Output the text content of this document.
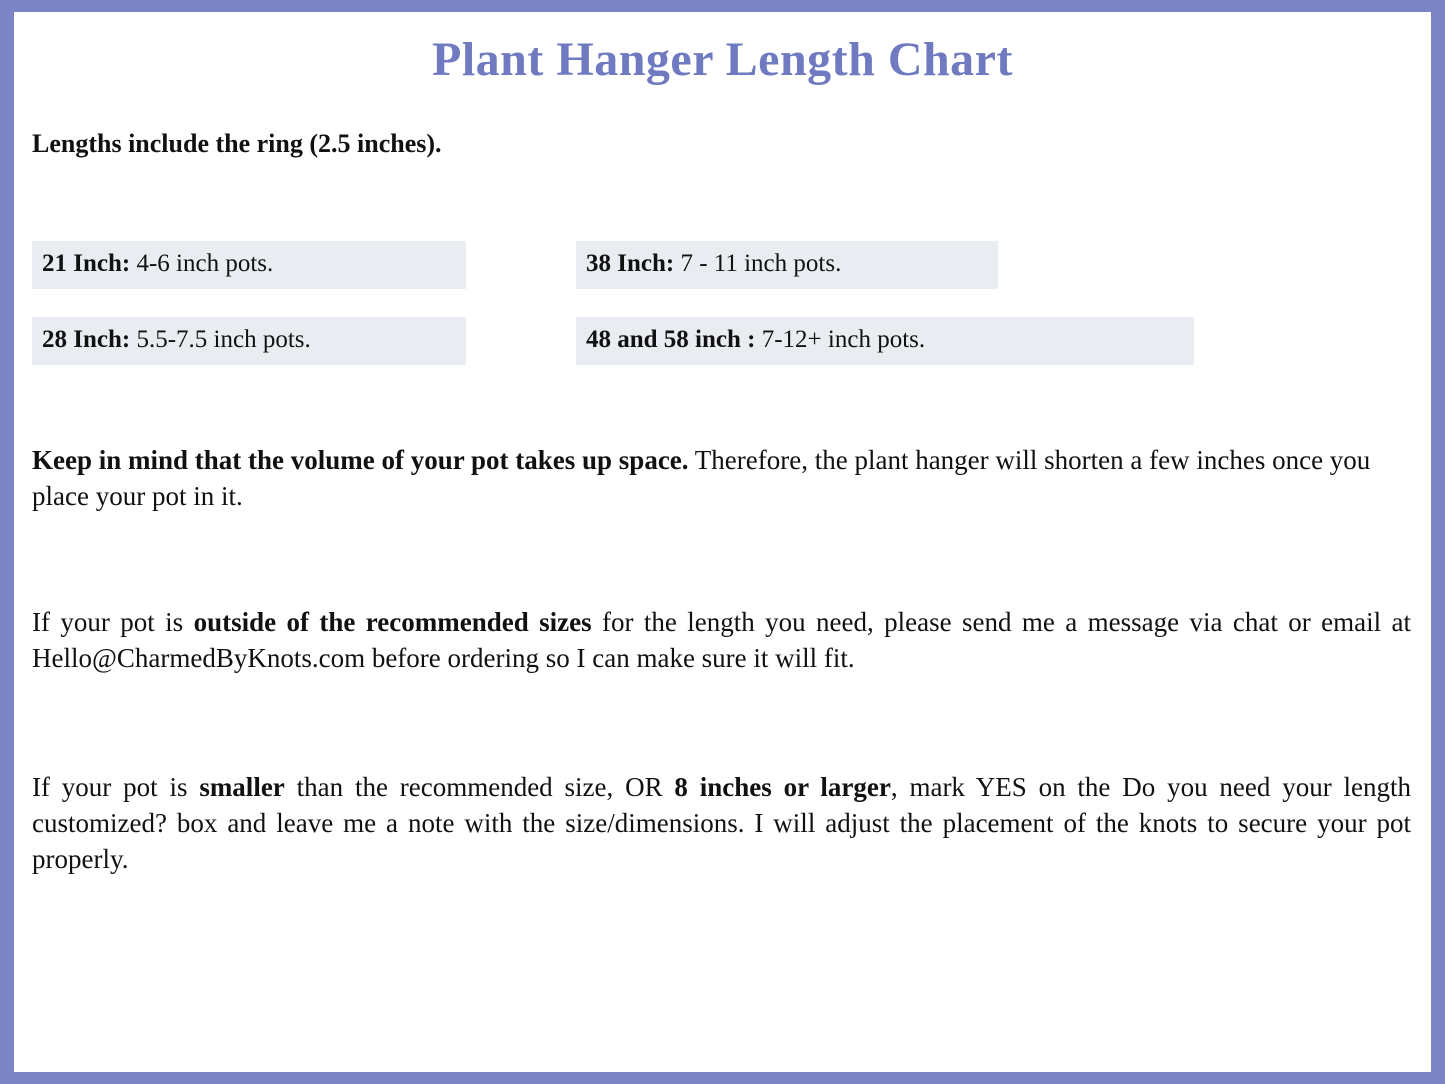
Plant Hanger Length Chart
Lengths include the ring (2.5 inches).
21 Inch: 4-6 inch pots.
28 Inch: 5.5-7.5 inch pots.
38 Inch: 7 - 11 inch pots.
48 and 58 inch : 7-12+ inch pots.

Keep in mind that the volume of your pot takes up space. Therefore, the plant hanger will shorten a few inches once you place your pot in it.

If your pot is outside of the recommended sizes for the length you need, please send me a message via chat or email at Hello@CharmedByKnots.com before ordering so I can make sure it will fit.

If your pot is smaller than the recommended size, OR 8 inches or larger, mark YES on the Do you need your length customized? box and leave me a note with the size/dimensions. I will adjust the placement of the knots to secure your pot properly.
